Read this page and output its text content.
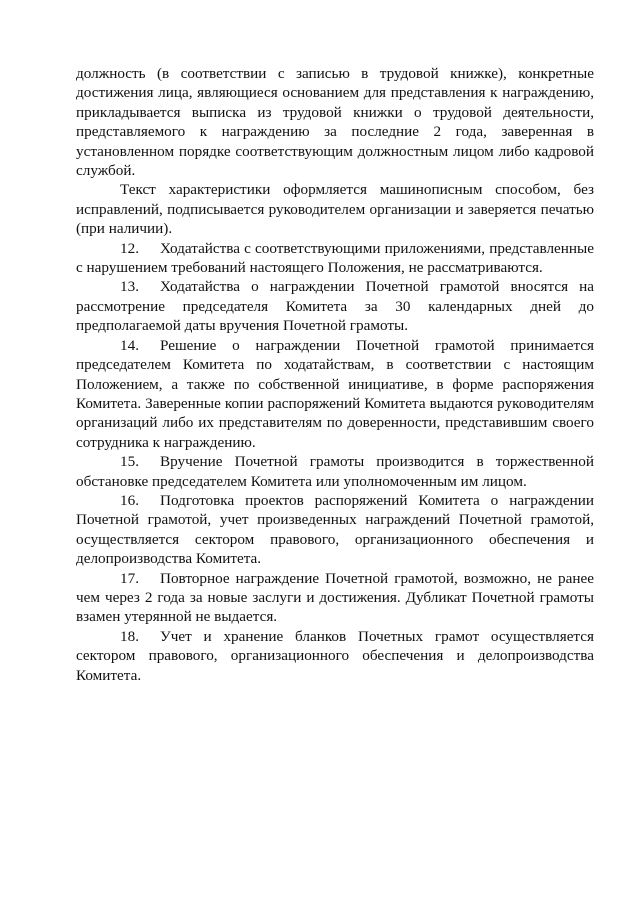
должность (в соответствии с записью в трудовой книжке), конкретные достижения лица, являющиеся основанием для представления к награждению, прикладывается выписка из трудовой книжки о трудовой деятельности, представляемого к награждению за последние 2 года, заверенная в установленном порядке соответствующим должностным лицом либо кадровой службой.

Текст характеристики оформляется машинописным способом, без исправлений, подписывается руководителем организации и заверяется печатью (при наличии).

12. Ходатайства с соответствующими приложениями, представленные с нарушением требований настоящего Положения, не рассматриваются.

13. Ходатайства о награждении Почетной грамотой вносятся на рассмотрение председателя Комитета за 30 календарных дней до предполагаемой даты вручения Почетной грамоты.

14. Решение о награждении Почетной грамотой принимается председателем Комитета по ходатайствам, в соответствии с настоящим Положением, а также по собственной инициативе, в форме распоряжения Комитета. Заверенные копии распоряжений Комитета выдаются руководителям организаций либо их представителям по доверенности, представившим своего сотрудника к награждению.

15. Вручение Почетной грамоты производится в торжественной обстановке председателем Комитета или уполномоченным им лицом.

16. Подготовка проектов распоряжений Комитета о награждении Почетной грамотой, учет произведенных награждений Почетной грамотой, осуществляется сектором правового, организационного обеспечения и делопроизводства Комитета.

17. Повторное награждение Почетной грамотой, возможно, не ранее чем через 2 года за новые заслуги и достижения. Дубликат Почетной грамоты взамен утерянной не выдается.

18. Учет и хранение бланков Почетных грамот осуществляется сектором правового, организационного обеспечения и делопроизводства Комитета.
